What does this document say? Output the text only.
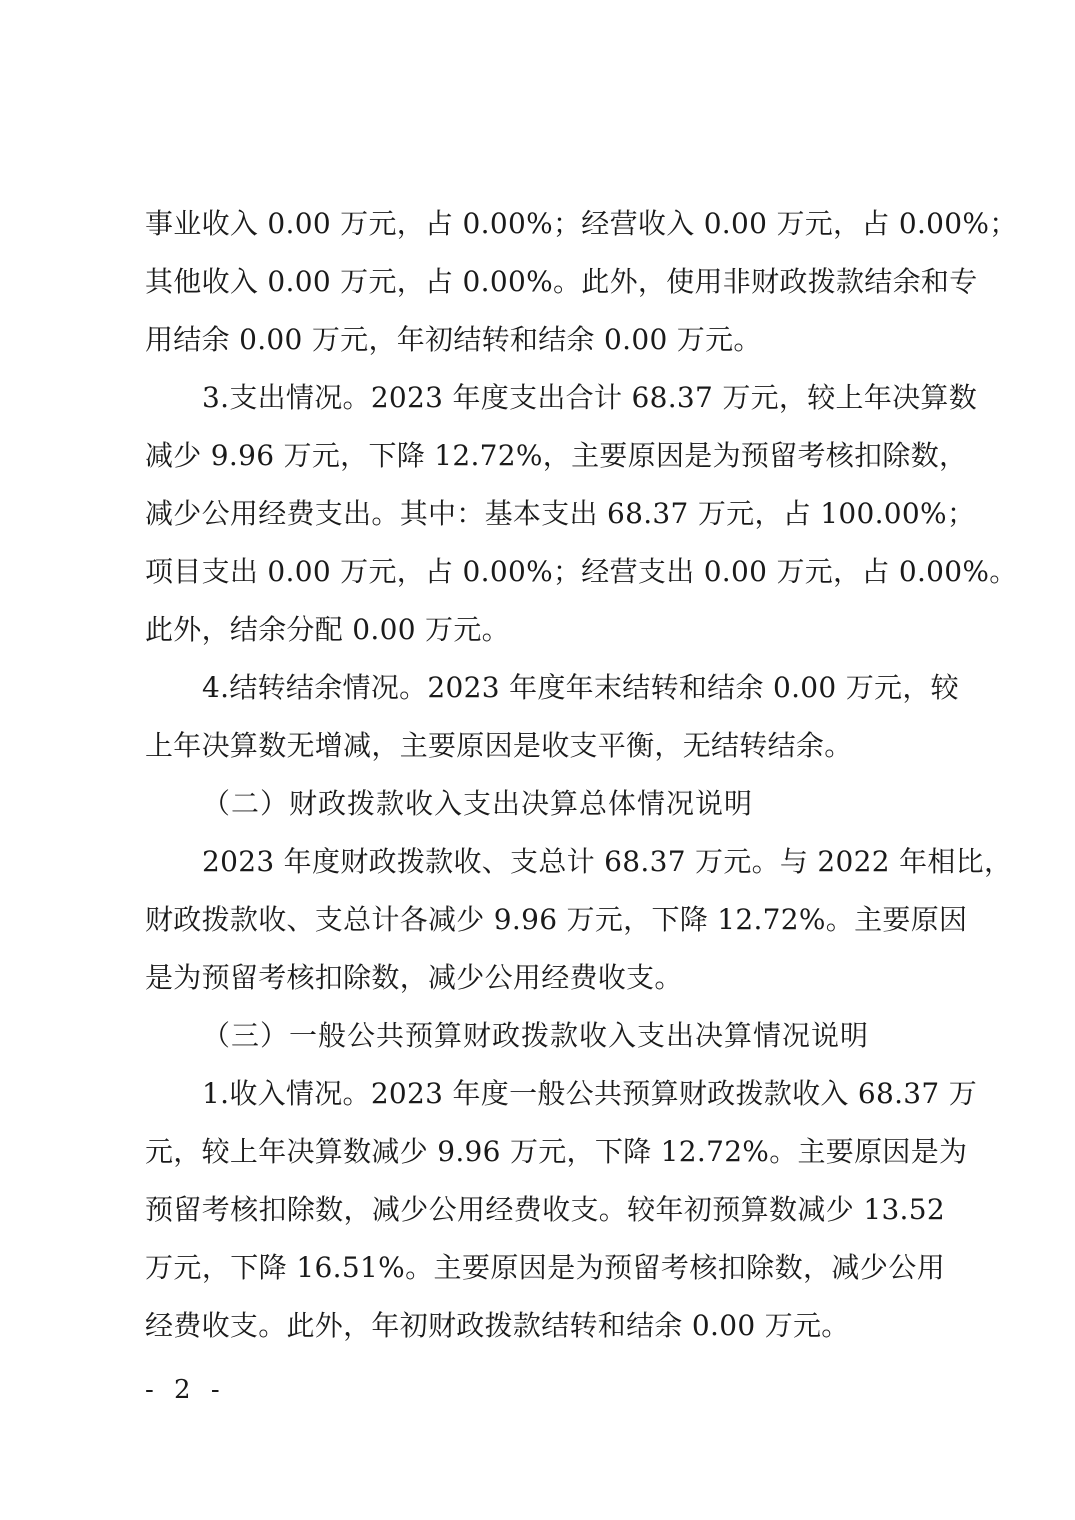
事业收入 0.00 万元，占 0.00%；经营收入 0.00 万元，占 0.00%；
其他收入 0.00 万元，占 0.00%。此外，使用非财政拨款结余和专
用结余 0.00 万元，年初结转和结余 0.00 万元。
3.支出情况。2023 年度支出合计 68.37 万元，较上年决算数
减少 9.96 万元，下降 12.72%，主要原因是为预留考核扣除数，
减少公用经费支出。其中：基本支出 68.37 万元，占 100.00%；
项目支出 0.00 万元，占 0.00%；经营支出 0.00 万元，占 0.00%。
此外，结余分配 0.00 万元。
4.结转结余情况。2023 年度年末结转和结余 0.00 万元，较
上年决算数无增减，主要原因是收支平衡，无结转结余。
（二）财政拨款收入支出决算总体情况说明
2023 年度财政拨款收、支总计 68.37 万元。与 2022 年相比，
财政拨款收、支总计各减少 9.96 万元，下降 12.72%。主要原因
是为预留考核扣除数，减少公用经费收支。
（三）一般公共预算财政拨款收入支出决算情况说明
1.收入情况。2023 年度一般公共预算财政拨款收入 68.37 万
元，较上年决算数减少 9.96 万元，下降 12.72%。主要原因是为
预留考核扣除数，减少公用经费收支。较年初预算数减少 13.52
万元，下降 16.51%。主要原因是为预留考核扣除数，减少公用
经费收支。此外，年初财政拨款结转和结余 0.00 万元。
- 2 -
